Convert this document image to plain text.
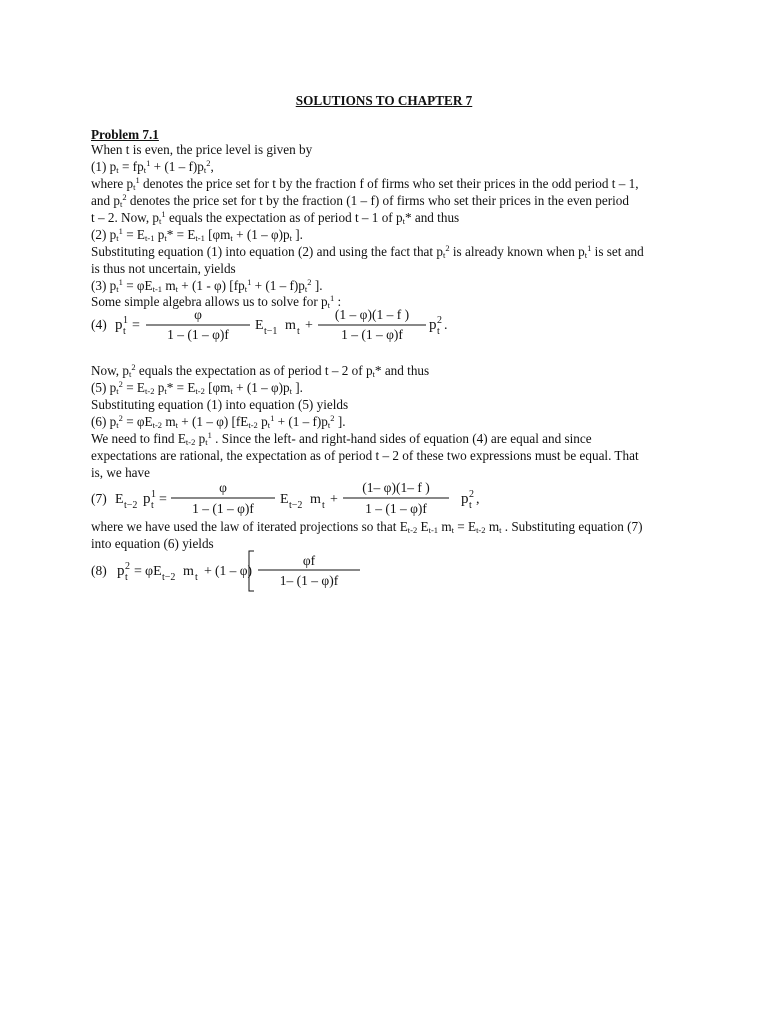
SOLUTIONS TO CHAPTER 7
Problem 7.1
When t is even, the price level is given by
(1) $p_t = fp_t^1 + (1 - f)p_t^2$,
where $p_t^1$ denotes the price set for t by the fraction f of firms who set their prices in the odd period t – 1,
and $p_t^2$ denotes the price set for t by the fraction (1 – f) of firms who set their prices in the even period
t – 2. Now, $p_t^1$ equals the expectation as of period t – 1 of $p_t*$ and thus
(2) $p_t^1 = E_{t-1}$ $p_t* = E_{t-1}$ [$\varphi m_t + (1 - \varphi)p_t$ ].
Substituting equation (1) into equation (2) and using the fact that $p_t^2$ is already known when $p_t^1$ is set and
is thus not uncertain, yields
(3) $p_t^1 = \varphi E_{t-1}$ $m_t + (1 - \varphi) [fp_t^1 + (1 - f)p_t^2$ ].
Some simple algebra allows us to solve for $p_t^1$ :
(4) p t
1 =
φ
1 – (1 – φ)f
E t−1 m t +
(1 – φ)(1 – f )
1 – (1 – φ)f
p t
2 .
Now, $p_t^2$ equals the expectation as of period t – 2 of $p_t*$ and thus
(5) $p_t^2 = E_{t-2}$ $p_t* = E_{t-2}$ [$\varphi m_t + (1 - \varphi)p_t$ ].
Substituting equation (1) into equation (5) yields
(6) $p_t^2 = \varphi E_{t-2}$ $m_t + (1 - \varphi)$ [$fE_{t-2}$ $p_t^1 + (1 - f)p_t^2$ ].
We need to find $E_{t-2}$ $p_t^1$ . Since the left- and right-hand sides of equation (4) are equal and since
expectations are rational, the expectation as of period t – 2 of these two expressions must be equal. That
is, we have
(7) E t−2 p t
1 =
φ
1 – (1 – φ)f
E t−2 m t +
(1– φ)(1– f )
1 – (1 – φ)f
p t
2 ,
where we have used the law of iterated projections so that $E_{t-2}$ $E_{t-1}$ $m_t = E_{t-2}$ $m_t$ . Substituting equation (7)
into equation (6) yields
(8) p t
2 = φE t−2 m t + (1 – φ)
φf
1– (1 – φ)f
